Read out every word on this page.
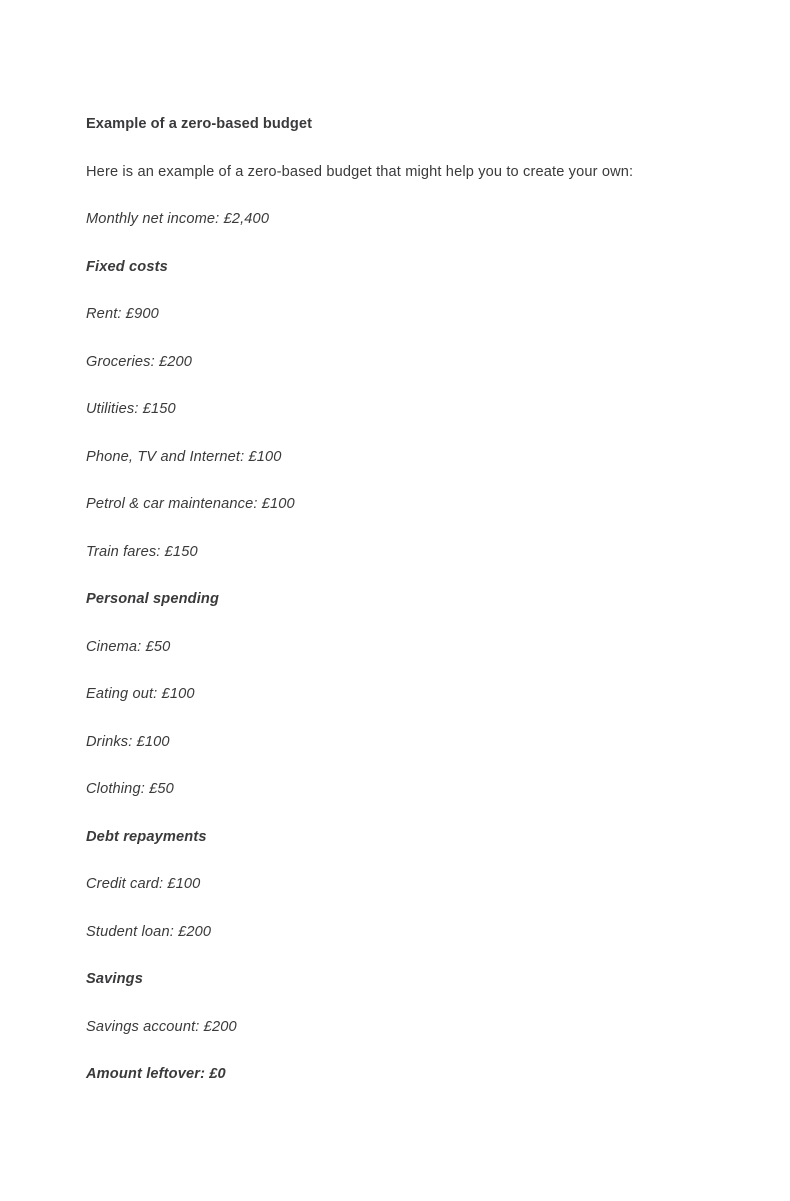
Example of a zero-based budget
Here is an example of a zero-based budget that might help you to create your own:
Monthly net income: £2,400
Fixed costs
Rent: £900
Groceries: £200
Utilities: £150
Phone, TV and Internet: £100
Petrol & car maintenance: £100
Train fares: £150
Personal spending
Cinema: £50
Eating out: £100
Drinks: £100
Clothing: £50
Debt repayments
Credit card: £100
Student loan: £200
Savings
Savings account: £200
Amount leftover: £0
